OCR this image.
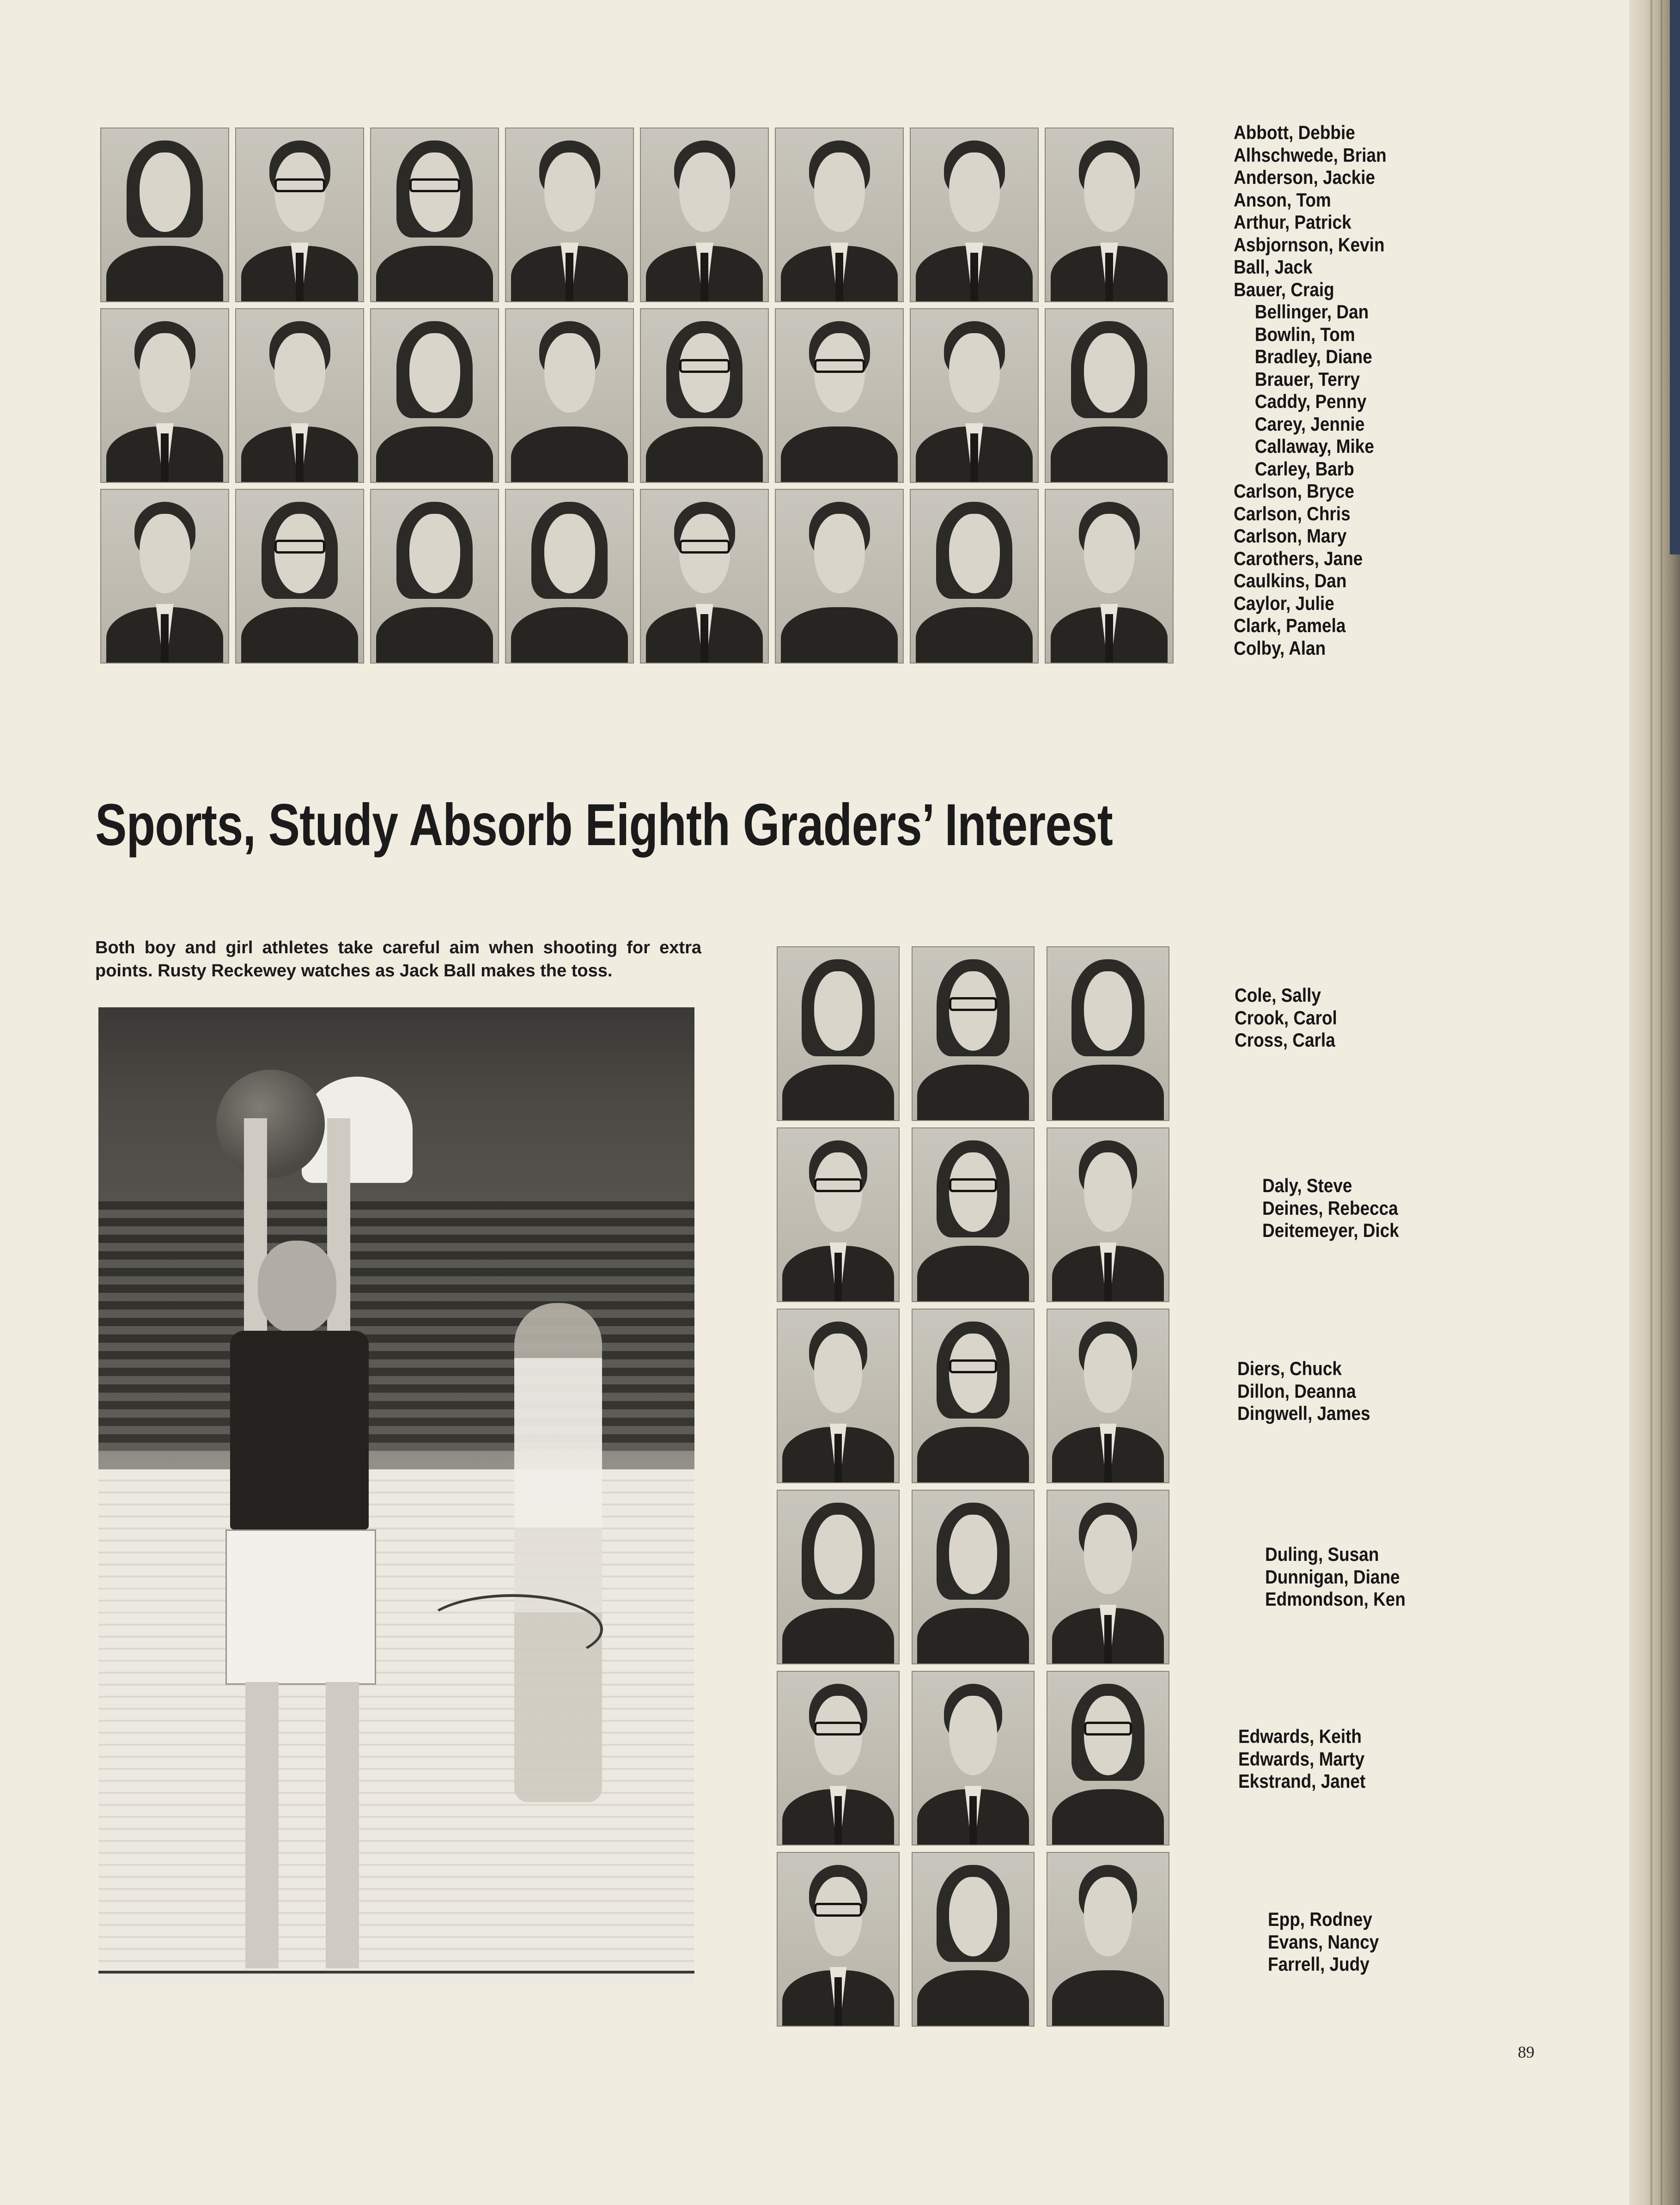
Abbott, Debbie
Alhschwede, Brian
Anderson, Jackie
Anson, Tom
Arthur, Patrick
Asbjornson, Kevin
Ball, Jack
Bauer, Craig
Bellinger, Dan
Bowlin, Tom
Bradley, Diane
Brauer, Terry
Caddy, Penny
Carey, Jennie
Callaway, Mike
Carley, Barb
Carlson, Bryce
Carlson, Chris
Carlson, Mary
Carothers, Jane
Caulkins, Dan
Caylor, Julie
Clark, Pamela
Colby, Alan
Sports, Study Absorb Eighth Graders’ Interest
Both boy and girl athletes take careful aim when shooting for extra points. Rusty Reckewey watches as Jack Ball makes the toss.
Cole, Sally
Crook, Carol
Cross, Carla
Daly, Steve
Deines, Rebecca
Deitemeyer, Dick
Diers, Chuck
Dillon, Deanna
Dingwell, James
Duling, Susan
Dunnigan, Diane
Edmondson, Ken
Edwards, Keith
Edwards, Marty
Ekstrand, Janet
Epp, Rodney
Evans, Nancy
Farrell, Judy
89
